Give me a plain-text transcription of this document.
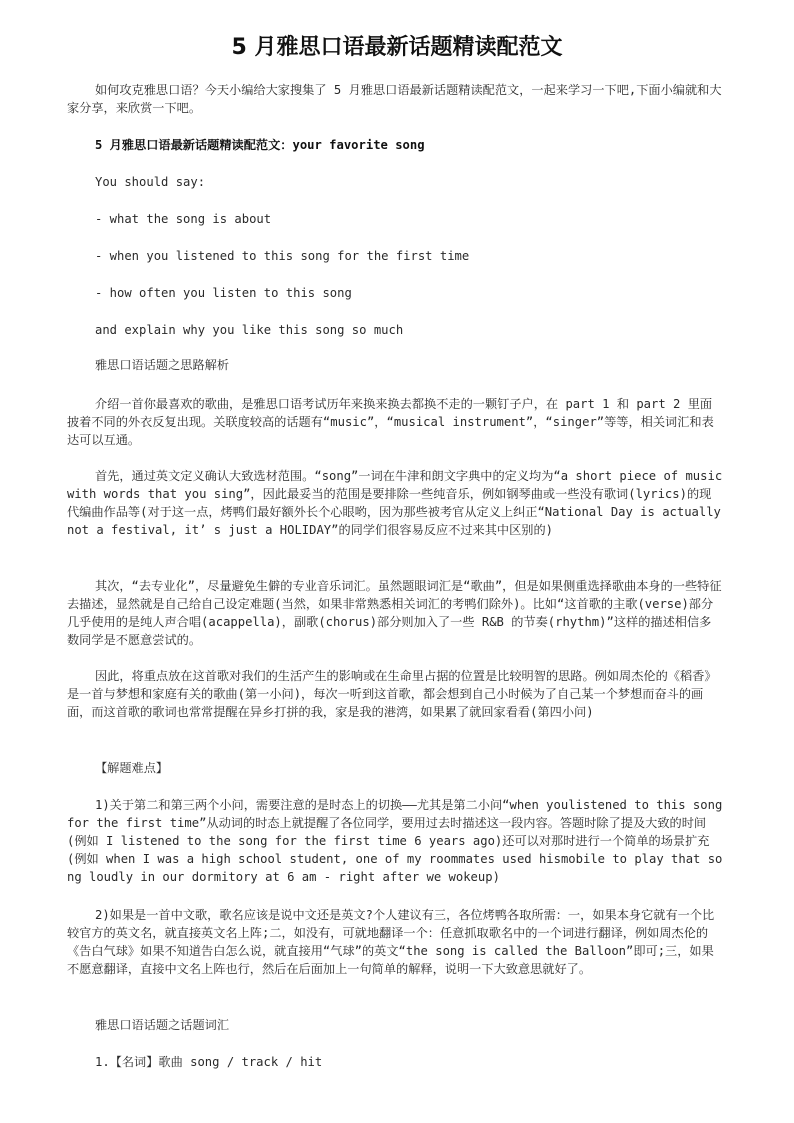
5 月雅思口语最新话题精读配范文

如何攻克雅思口语？今天小编给大家搜集了 5 月雅思口语最新话题精读配范文，一起来学习一下吧,下面小编就和大家分享，来欣赏一下吧。

5 月雅思口语最新话题精读配范文：your favorite song

You should say:

- what the song is about

- when you listened to this song for the first time

- how often you listen to this song

and explain why you like this song so much

雅思口语话题之思路解析

介绍一首你最喜欢的歌曲，是雅思口语考试历年来换来换去都换不走的一颗钉子户，在 part 1 和 part 2 里面披着不同的外衣反复出现。关联度较高的话题有“music”，“musical instrument”，“singer”等等，相关词汇和表达可以互通。

首先，通过英文定义确认大致选材范围。“song”一词在牛津和朗文字典中的定义均为“a short piece of music with words that you sing”，因此最妥当的范围是要排除一些纯音乐，例如钢琴曲或一些没有歌词(lyrics)的现代编曲作品等(对于这一点，烤鸭们最好额外长个心眼哟，因为那些被考官从定义上纠正“National Day is actually not a festival, it’ s just a HOLIDAY”的同学们很容易反应不过来其中区别的)

其次，“去专业化”，尽量避免生僻的专业音乐词汇。虽然题眼词汇是“歌曲”，但是如果侧重选择歌曲本身的一些特征去描述，显然就是自己给自己设定难题(当然，如果非常熟悉相关词汇的考鸭们除外)。比如“这首歌的主歌(verse)部分几乎使用的是纯人声合唱(acappella)，副歌(chorus)部分则加入了一些 R&B 的节奏(rhythm)”这样的描述相信多数同学是不愿意尝试的。

因此，将重点放在这首歌对我们的生活产生的影响或在生命里占据的位置是比较明智的思路。例如周杰伦的《稻香》是一首与梦想和家庭有关的歌曲(第一小问)，每次一听到这首歌，都会想到自己小时候为了自己某一个梦想而奋斗的画面，而这首歌的歌词也常常提醒在异乡打拼的我，家是我的港湾，如果累了就回家看看(第四小问)

【解题难点】

1)关于第二和第三两个小问，需要注意的是时态上的切换——尤其是第二小问“when youlistened to this song for the first time”从动词的时态上就提醒了各位同学，要用过去时描述这一段内容。答题时除了提及大致的时间(例如 I listened to the song for the first time 6 years ago)还可以对那时进行一个简单的场景扩充(例如 when I was a high school student, one of my roommates used hismobile to play that song loudly in our dormitory at 6 am - right after we wokeup)

2)如果是一首中文歌，歌名应该是说中文还是英文?个人建议有三，各位烤鸭各取所需：一，如果本身它就有一个比较官方的英文名，就直接英文名上阵;二，如没有，可就地翻译一个：任意抓取歌名中的一个词进行翻译，例如周杰伦的《告白气球》如果不知道告白怎么说，就直接用“气球”的英文“the song is called the Balloon”即可;三，如果不愿意翻译，直接中文名上阵也行，然后在后面加上一句简单的解释，说明一下大致意思就好了。

雅思口语话题之话题词汇

1.【名词】歌曲 song / track / hit
